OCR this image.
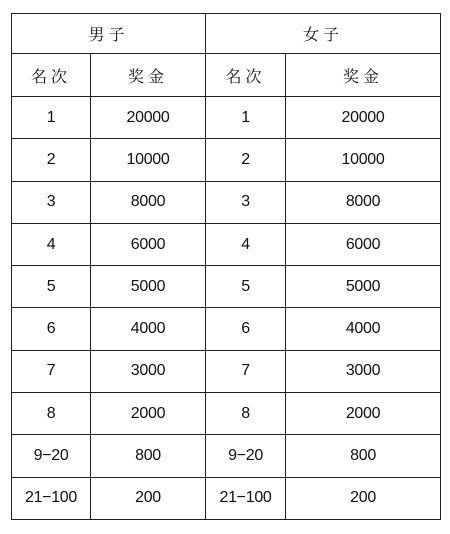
男子		女子	
名次	奖金	名次	奖金
1	20000	1	20000
2	10000	2	10000
3	8000	3	8000
4	6000	4	6000
5	5000	5	5000
6	4000	6	4000
7	3000	7	3000
8	2000	8	2000
9−20	800	9−20	800
21−100	200	21−100	200
